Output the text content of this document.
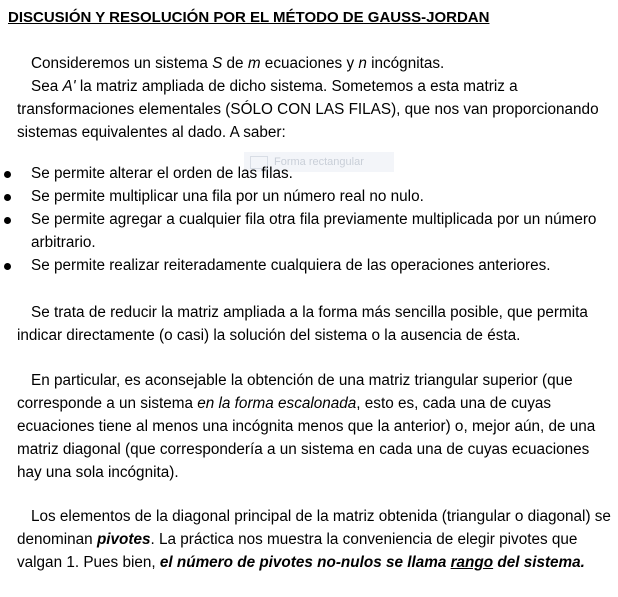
DISCUSIÓN Y RESOLUCIÓN POR EL MÉTODO DE GAUSS-JORDAN

Consideremos un sistema S de m ecuaciones y n incógnitas.
Sea A' la matriz ampliada de dicho sistema. Sometemos a esta matriz a transformaciones elementales (SÓLO CON LAS FILAS), que nos van proporcionando sistemas equivalentes al dado. A saber:

Forma rectangular
Se permite alterar el orden de las filas.
Se permite multiplicar una fila por un número real no nulo.
Se permite agregar a cualquier fila otra fila previamente multiplicada por un número arbitrario.
Se permite realizar reiteradamente cualquiera de las operaciones anteriores.

Se trata de reducir la matriz ampliada a la forma más sencilla posible, que permita indicar directamente (o casi) la solución del sistema o la ausencia de ésta.

En particular, es aconsejable la obtención de una matriz triangular superior (que corresponde a un sistema en la forma escalonada, esto es, cada una de cuyas ecuaciones tiene al menos una incógnita menos que la anterior) o, mejor aún, de una matriz diagonal (que correspondería a un sistema en cada una de cuyas ecuaciones hay una sola incógnita).

Los elementos de la diagonal principal de la matriz obtenida (triangular o diagonal) se denominan pivotes. La práctica nos muestra la conveniencia de elegir pivotes que valgan 1. Pues bien, el número de pivotes no-nulos se llama rango del sistema.
